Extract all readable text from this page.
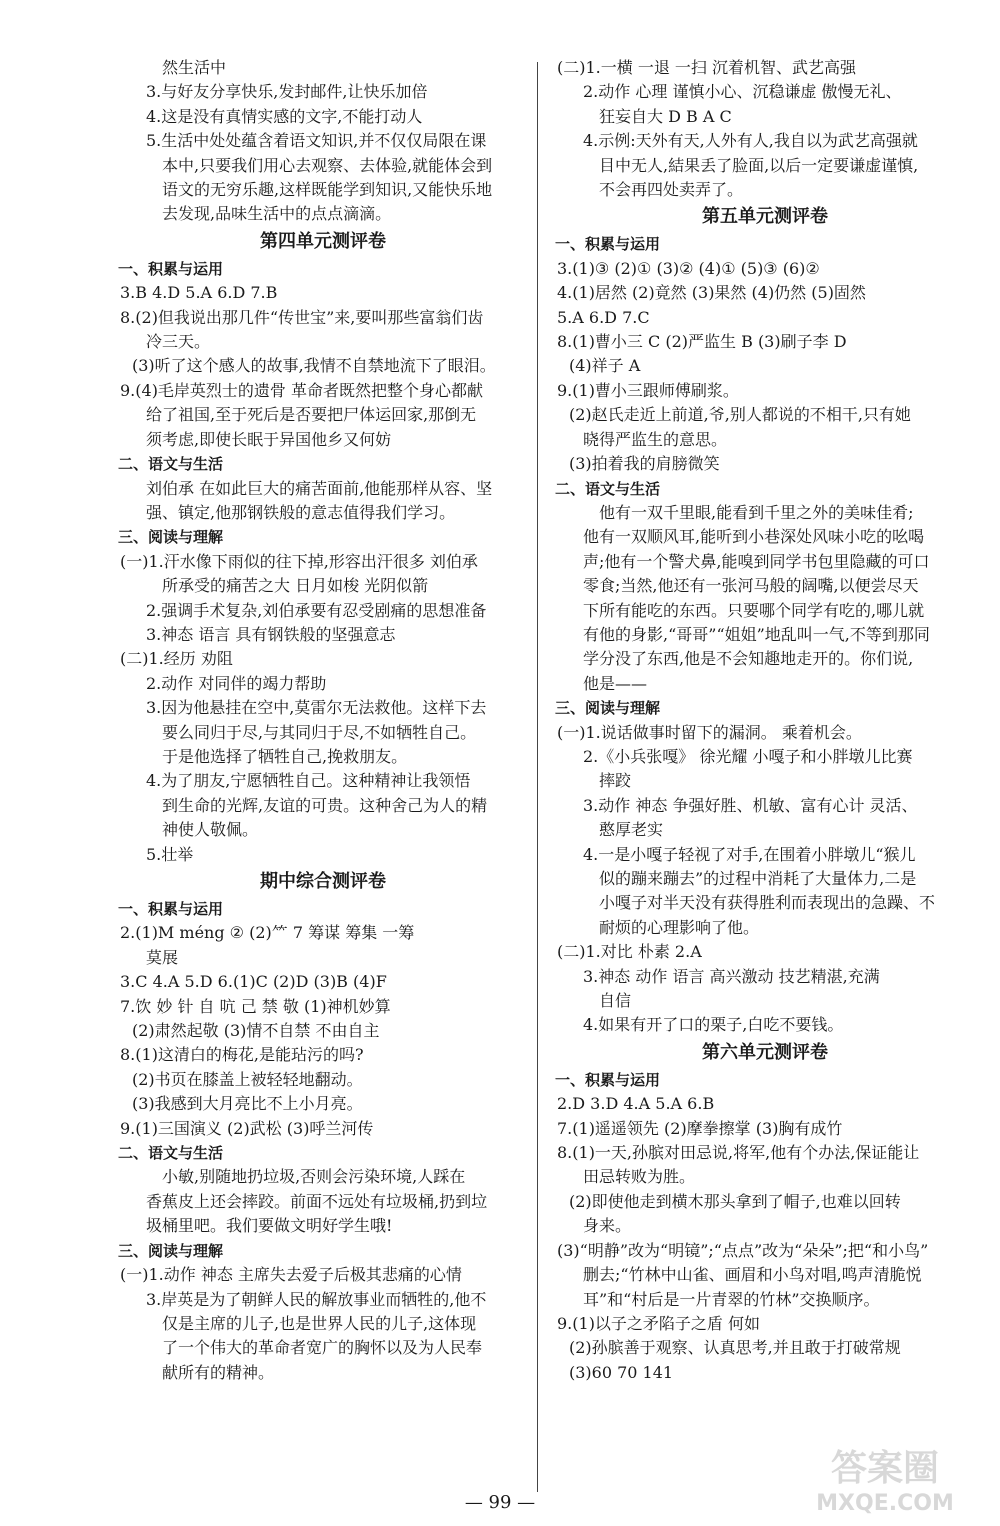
然生活中
3.与好友分享快乐,发封邮件,让快乐加倍
4.这是没有真情实感的文字,不能打动人
5.生活中处处蕴含着语文知识,并不仅仅局限在课
本中,只要我们用心去观察、去体验,就能体会到
语文的无穷乐趣,这样既能学到知识,又能快乐地
去发现,品味生活中的点点滴滴。
第四单元测评卷
一、积累与运用
3.B 4.D 5.A 6.D 7.B
8.(2)但我说出那几件“传世宝”来,要叫那些富翁们齿
冷三天。
(3)听了这个感人的故事,我情不自禁地流下了眼泪。
9.(4)毛岸英烈士的遗骨 革命者既然把整个身心都献
给了祖国,至于死后是否要把尸体运回家,那倒无
须考虑,即使长眠于异国他乡又何妨
二、语文与生活
刘伯承 在如此巨大的痛苦面前,他能那样从容、坚
强、镇定,他那钢铁般的意志值得我们学习。
三、阅读与理解
(一)1.汗水像下雨似的往下掉,形容出汗很多 刘伯承
所承受的痛苦之大 日月如梭 光阴似箭
2.强调手术复杂,刘伯承要有忍受剧痛的思想准备
3.神态 语言 具有钢铁般的坚强意志
(二)1.经历 劝阻
2.动作 对同伴的竭力帮助
3.因为他悬挂在空中,莫雷尔无法救他。这样下去
要么同归于尽,与其同归于尽,不如牺牲自己。
于是他选择了牺牲自己,挽救朋友。
4.为了朋友,宁愿牺牲自己。这种精神让我领悟
到生命的光辉,友谊的可贵。这种舍己为人的精
神使人敬佩。
5.壮举
期中综合测评卷
一、积累与运用
2.(1)M méng ② (2)⺮ 7 筹谋 筹集 一筹
莫展
3.C 4.A 5.D 6.(1)C (2)D (3)B (4)F
7.饮 妙 针 自 吭 己 禁 敬 (1)神机妙算
(2)肃然起敬 (3)情不自禁 不由自主
8.(1)这清白的梅花,是能玷污的吗?
(2)书页在膝盖上被轻轻地翻动。
(3)我感到大月亮比不上小月亮。
9.(1)三国演义 (2)武松 (3)呼兰河传
二、语文与生活
小敏,别随地扔垃圾,否则会污染环境,人踩在
香蕉皮上还会摔跤。前面不远处有垃圾桶,扔到垃
圾桶里吧。我们要做文明好学生哦!
三、阅读与理解
(一)1.动作 神态 主席失去爱子后极其悲痛的心情
3.岸英是为了朝鲜人民的解放事业而牺牲的,他不
仅是主席的儿子,也是世界人民的儿子,这体现
了一个伟大的革命者宽广的胸怀以及为人民奉
献所有的精神。
(二)1.一横 一退 一扫 沉着机智、武艺高强
2.动作 心理 谨慎小心、沉稳谦虚 傲慢无礼、
狂妄自大 D B A C
4.示例:天外有天,人外有人,我自以为武艺高强就
目中无人,結果丢了脸面,以后一定要谦虚谨慎,
不会再四处卖弄了。
第五单元测评卷
一、积累与运用
3.(1)③ (2)① (3)② (4)① (5)③ (6)②
4.(1)居然 (2)竟然 (3)果然 (4)仍然 (5)固然
5.A 6.D 7.C
8.(1)曹小三 C (2)严监生 B (3)刷子李 D
(4)祥子 A
9.(1)曹小三跟师傅刷浆。
(2)赵氏走近上前道,爷,别人都说的不相干,只有她
晓得严监生的意思。
(3)拍着我的肩膀微笑
二、语文与生活
他有一双千里眼,能看到千里之外的美味佳肴;
他有一双顺风耳,能听到小巷深处风味小吃的吆喝
声;他有一个警犬鼻,能嗅到同学书包里隐藏的可口
零食;当然,他还有一张河马般的阔嘴,以便尝尽天
下所有能吃的东西。只要哪个同学有吃的,哪儿就
有他的身影,“哥哥”“姐姐”地乱叫一气,不等到那同
学分没了东西,他是不会知趣地走开的。你们说,
他是——
三、阅读与理解
(一)1.说话做事时留下的漏洞。 乘着机会。
2.《小兵张嘎》 徐光耀 小嘎子和小胖墩儿比赛
摔跤
3.动作 神态 争强好胜、机敏、富有心计 灵活、
憨厚老实
4.一是小嘎子轻视了对手,在围着小胖墩儿“猴儿
似的蹦来蹦去”的过程中消耗了大量体力,二是
小嘎子对半天没有获得胜利而表现出的急躁、不
耐烦的心理影响了他。
(二)1.对比 朴素 2.A
3.神态 动作 语言 高兴激动 技艺精湛,充满
自信
4.如果有开了口的栗子,白吃不要钱。
第六单元测评卷
一、积累与运用
2.D 3.D 4.A 5.A 6.B
7.(1)遥遥领先 (2)摩拳擦掌 (3)胸有成竹
8.(1)一天,孙膑对田忌说,将军,他有个办法,保证能让
田忌转败为胜。
(2)即使他走到横木那头拿到了帽子,也难以回转
身来。
(3)“明静”改为“明镜”;“点点”改为“朵朵”;把“和小鸟”
删去;“竹林中山雀、画眉和小鸟对唱,鸣声清脆悦
耳”和“村后是一片青翠的竹林”交换顺序。
9.(1)以子之矛陷子之盾 何如
(2)孙膑善于观察、认真思考,并且敢于打破常规
(3)60 70 141
— 99 —
答案圈
MXQE.COM
